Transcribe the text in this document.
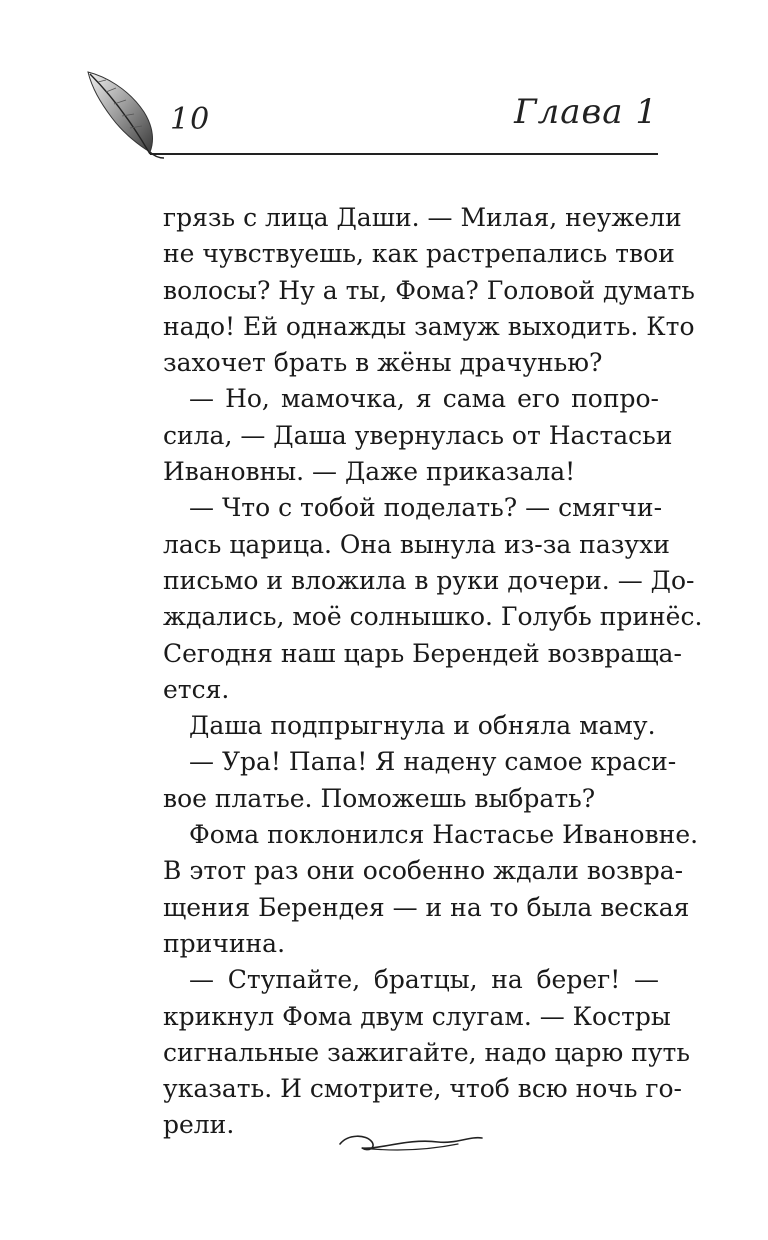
10	Глава 1
грязь с лица Даши. — Милая, неужели
не чувствуешь, как растрепались твои
волосы? Ну а ты, Фома? Головой думать
надо! Ей однажды замуж выходить. Кто
захочет брать в жёны драчунью?
— Но, мамочка, я сама его попро-
сила, — Даша увернулась от Настасьи
Ивановны. — Даже приказала!
— Что с тобой поделать? — смягчи-
лась царица. Она вынула из-за пазухи
письмо и вложила в руки дочери. — До-
ждались, моё солнышко. Голубь принёс.
Сегодня наш царь Берендей возвраща-
ется.
Даша подпрыгнула и обняла маму.
— Ура! Папа! Я надену самое краси-
вое платье. Поможешь выбрать?
Фома поклонился Настасье Ивановне.
В этот раз они особенно ждали возвра-
щения Берендея — и на то была веская
причина.
— Ступайте, братцы, на берег! —
крикнул Фома двум слугам. — Костры
сигнальные зажигайте, надо царю путь
указать. И смотрите, чтоб всю ночь го-
рели.
